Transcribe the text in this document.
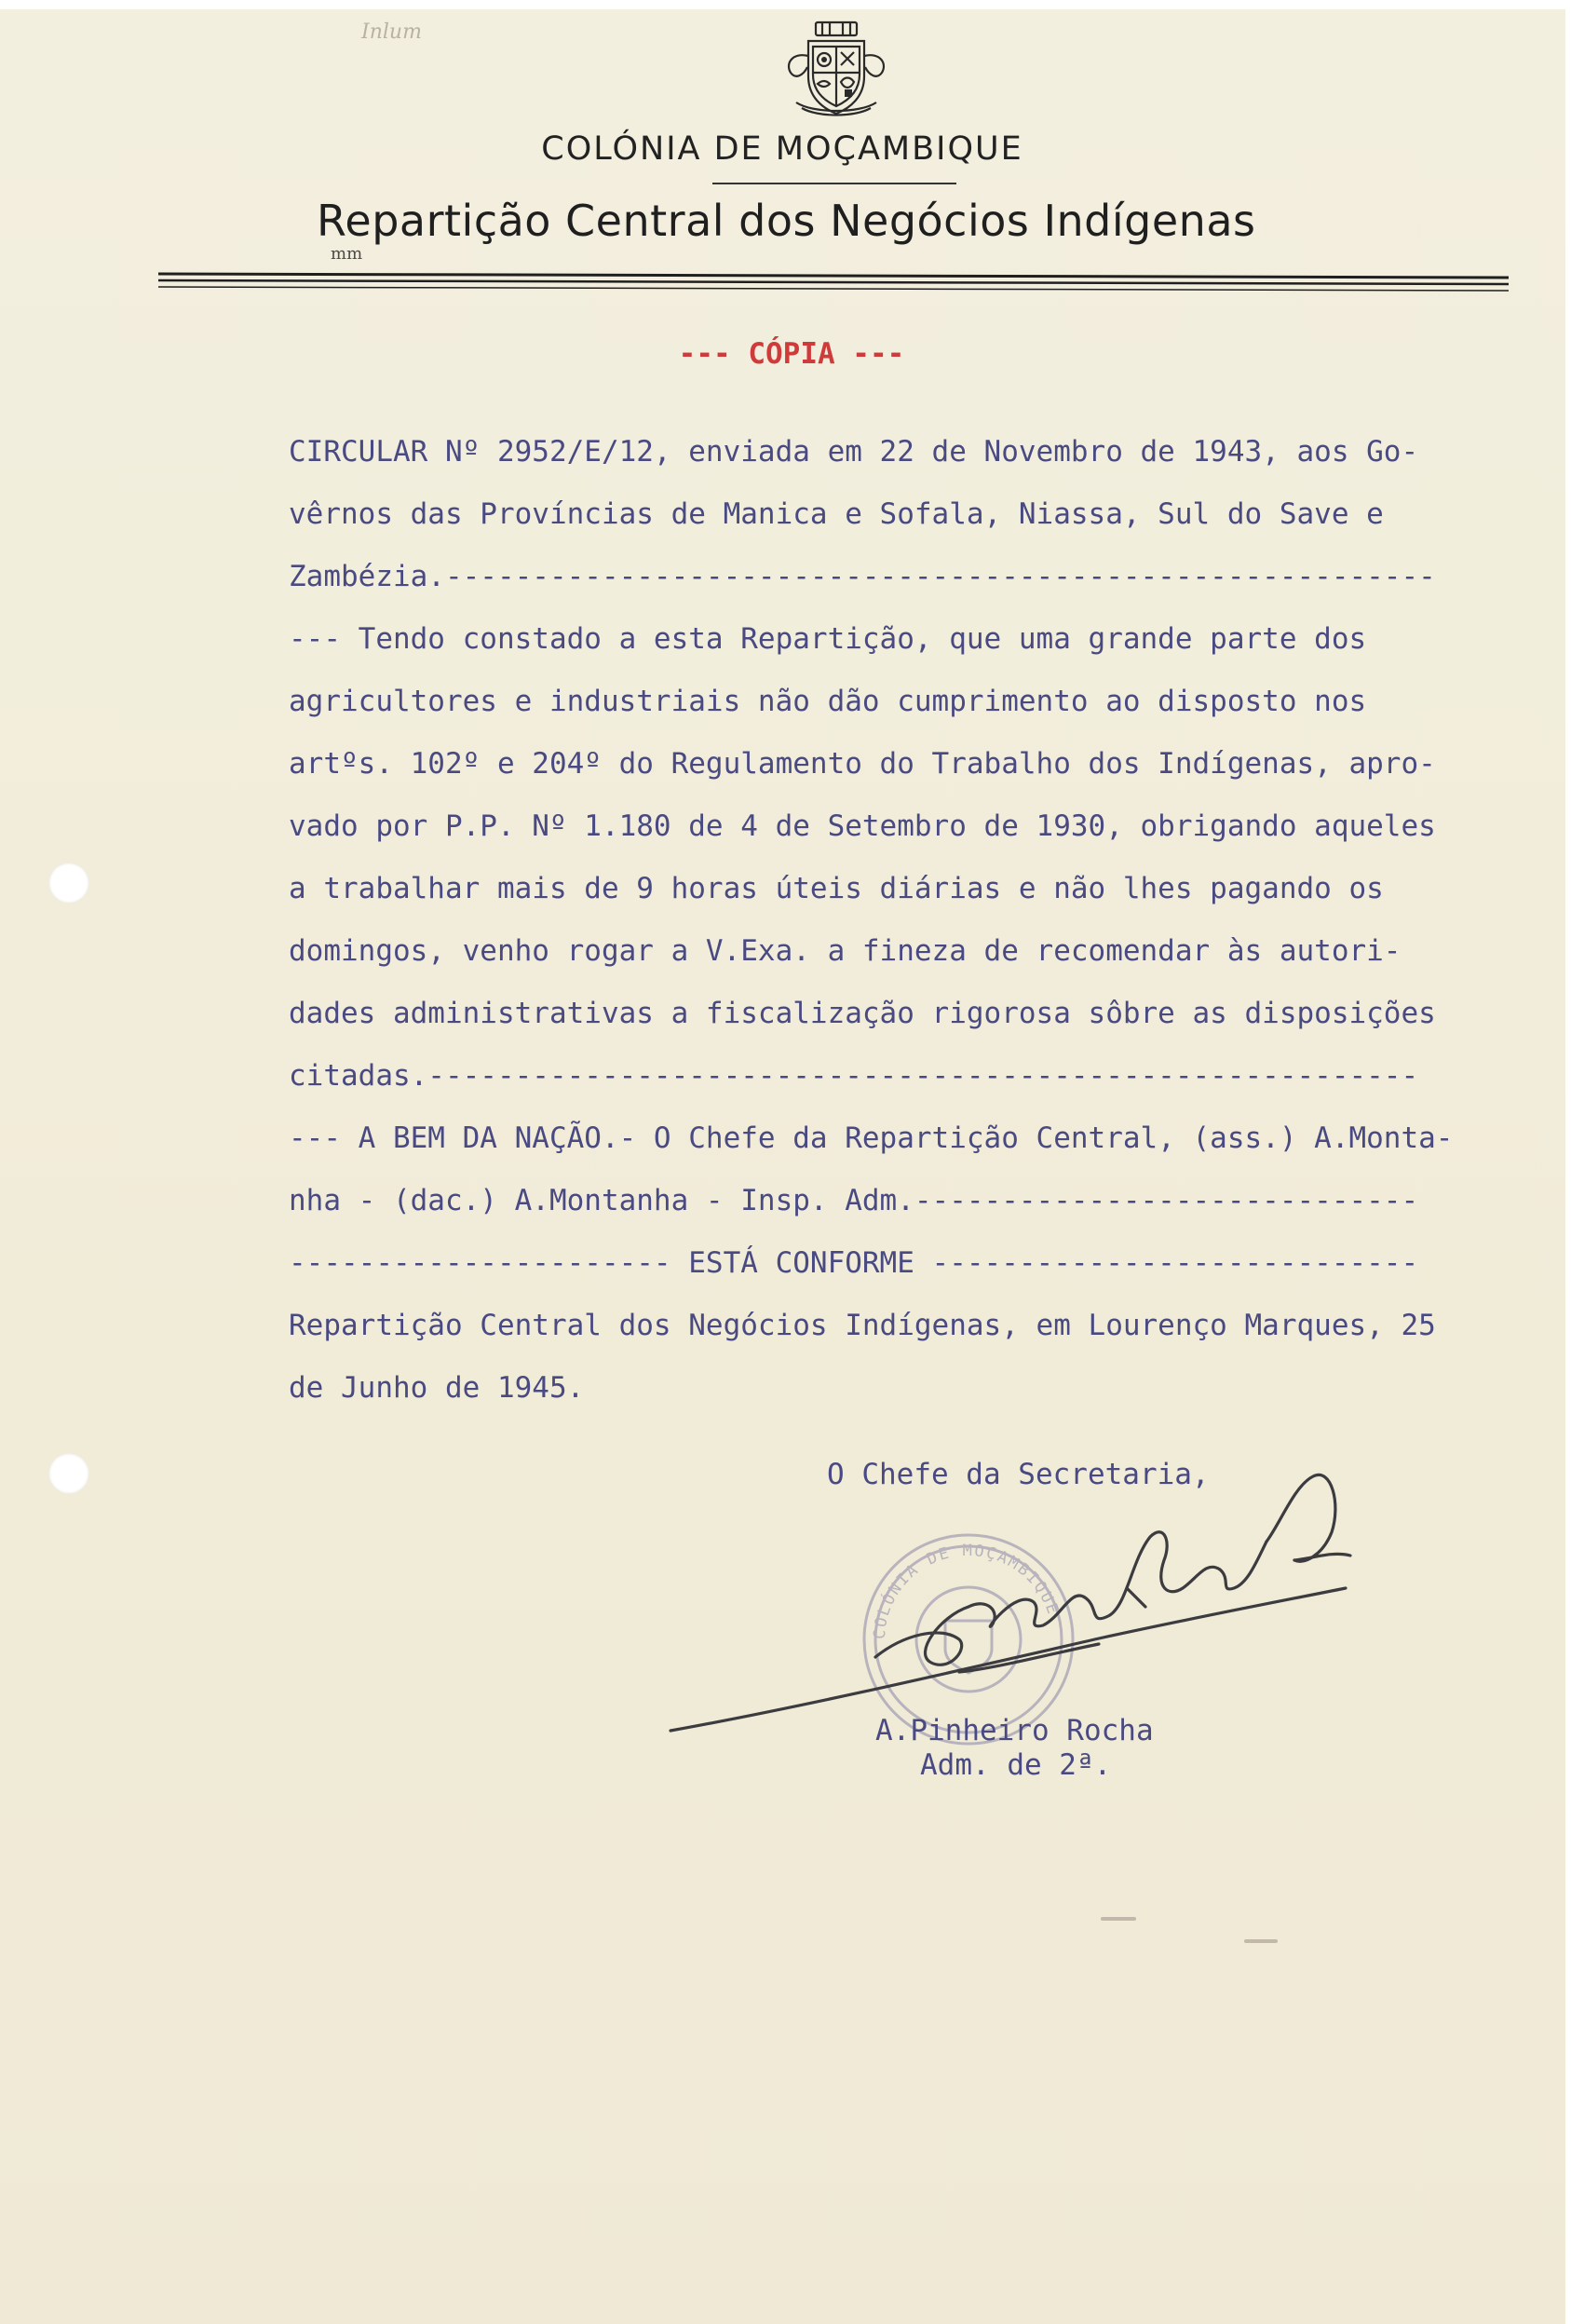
Inlum
COLÓNIA DE MOÇAMBIQUE
Repartição Central dos Negócios Indígenas
mm
--- CÓPIA ---
CIRCULAR Nº 2952/E/12, enviada em 22 de Novembro de 1943, aos Go-
vêrnos das Províncias de Manica e Sofala, Niassa, Sul do Save e
Zambézia.---------------------------------------------------------
--- Tendo constado a esta Repartição, que uma grande parte dos
agricultores e industriais não dão cumprimento ao disposto nos
artºs. 102º e 204º do Regulamento do Trabalho dos Indígenas, apro-
vado por P.P. Nº 1.180 de 4 de Setembro de 1930, obrigando aqueles
a trabalhar mais de 9 horas úteis diárias e não lhes pagando os
domingos, venho rogar a V.Exa. a fineza de recomendar às autori-
dades administrativas a fiscalização rigorosa sôbre as disposições
citadas.---------------------------------------------------------
--- A BEM DA NAÇÃO.- O Chefe da Repartição Central, (ass.) A.Monta-
nha - (dac.) A.Montanha - Insp. Adm.-----------------------------
---------------------- ESTÁ CONFORME ----------------------------
Repartição Central dos Negócios Indígenas, em Lourenço Marques, 25
de Junho de 1945.
O Chefe da Secretaria,
COLÓNIA DE MOÇAMBIQUE
A.Pinheiro Rocha
Adm. de 2ª.
